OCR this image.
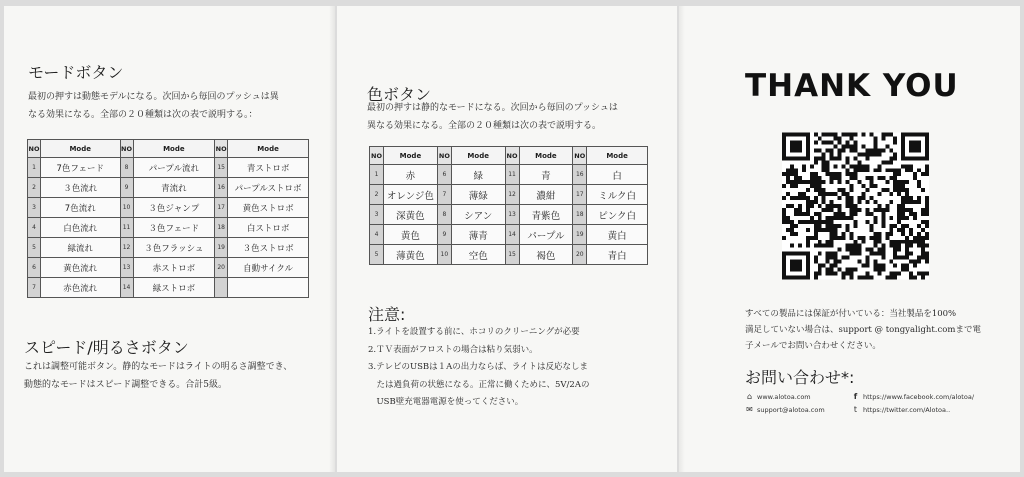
モードボタン

最初の押すは動態モデルになる。次回から毎回のプッシュは異
なる効果になる。全部の２０種類は次の表で説明する。：

NO	Mode	NO	Mode	NO	Mode
1	7色フェード	8	パープル流れ	15	青ストロボ
2	３色流れ	9	青流れ	16	パープルストロボ
3	7色流れ	10	３色ジャンプ	17	黄色ストロボ
4	白色流れ	11	３色フェード	18	白ストロボ
5	緑流れ	12	３色フラッシュ	19	３色ストロボ
6	黄色流れ	13	赤ストロボ	20	自動サイクル
7	赤色流れ	14	緑ストロボ		
スピード/明るさボタン

これは調整可能ボタン。静的なモードはライトの明るさ調整でき、
動態的なモードはスピード調整できる。合計5級。

色ボタン

最初の押すは静的なモードになる。次回から毎回のプッシュは
異なる効果になる。全部の２０種類は次の表で説明する。

NO	Mode	NO	Mode	NO	Mode	NO	Mode
1	赤	6	緑	11	青	16	白
2	オレンジ色	7	薄緑	12	濃紺	17	ミルク白
3	深黄色	8	シアン	13	青紫色	18	ピンク白
4	黄色	9	薄青	14	パープル	19	黄白
5	薄黄色	10	空色	15	褐色	20	青白
注意:
1.ライトを設置する前に、ホコリのクリーニングが必要
2.ＴＶ表面がフロストの場合は粘り気弱い。
3.テレビのUSBは１Aの出力ならば、ライトは反応なしま
　たは過負荷の状態になる。正常に働くために、5V/2Aの
　USB壁充電器電源を使ってください。
THANK YOU

すべての製品には保証が付いている：当社製品を100%
満足していない場合は、support @ tongyalight.comまで電
子メールでお問い合わせください。

お問い合わせ*:
⌂ www.alotoa.com
✉ support@alotoa.com
f https://www.facebook.com/alotoa/
t https://twitter.com/Alotoa..
